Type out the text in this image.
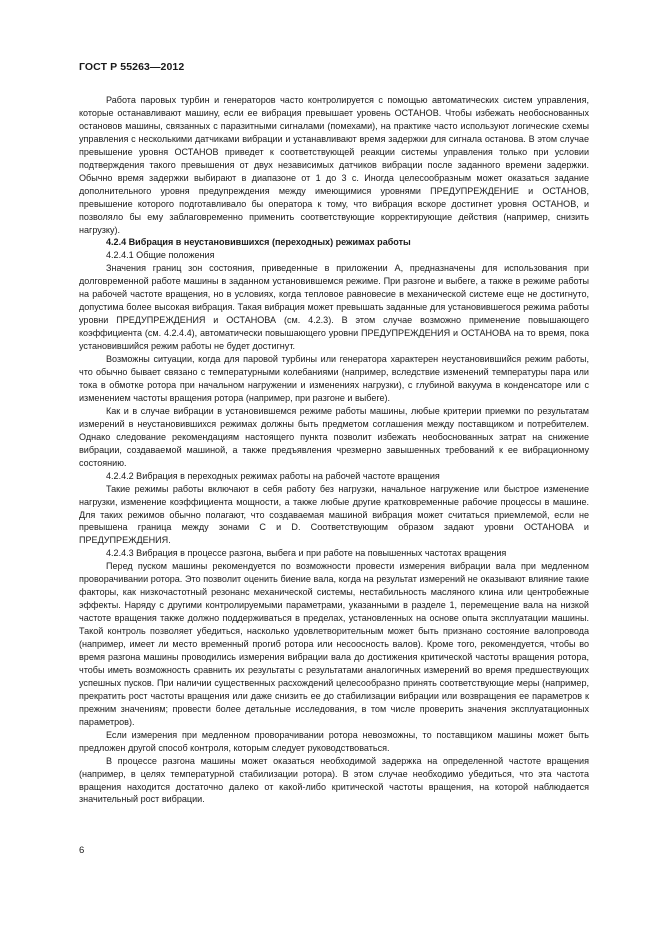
ГОСТ Р 55263—2012

Работа паровых турбин и генераторов часто контролируется с помощью автоматических систем управления, которые останавливают машину, если ее вибрация превышает уровень ОСТАНОВ. Чтобы избежать необоснованных остановов машины, связанных с паразитными сигналами (помехами), на практике часто используют логические схемы управления с несколькими датчиками вибрации и устанавливают время задержки для сигнала останова. В этом случае превышение уровня ОСТАНОВ приведет к соответствующей реакции системы управления только при условии подтверждения такого превышения от двух независимых датчиков вибрации после заданного времени задержки. Обычно время задержки выбирают в диапазоне от 1 до 3 с. Иногда целесообразным может оказаться задание дополнительного уровня предупреждения между имеющимися уровнями ПРЕДУПРЕЖДЕНИЕ и ОСТАНОВ, превышение которого подготавливало бы оператора к тому, что вибрация вскоре достигнет уровня ОСТАНОВ, и позволяло бы ему заблаговременно применить соответствующие корректирующие действия (например, снизить нагрузку).

4.2.4 Вибрация в неустановившихся (переходных) режимах работы

4.2.4.1 Общие положения

Значения границ зон состояния, приведенные в приложении А, предназначены для использования при долговременной работе машины в заданном установившемся режиме. При разгоне и выбеге, а также в режиме работы на рабочей частоте вращения, но в условиях, когда тепловое равновесие в механической системе еще не достигнуто, допустима более высокая вибрация. Такая вибрация может превышать заданные для установившегося режима работы уровни ПРЕДУПРЕЖДЕНИЯ и ОСТАНОВА (см. 4.2.3). В этом случае возможно применение повышающего коэффициента (см. 4.2.4.4), автоматически повышающего уровни ПРЕДУПРЕЖДЕНИЯ и ОСТАНОВА на то время, пока установившийся режим работы не будет достигнут.

Возможны ситуации, когда для паровой турбины или генератора характерен неустановившийся режим работы, что обычно бывает связано с температурными колебаниями (например, вследствие изменений температуры пара или тока в обмотке ротора при начальном нагружении и изменениях нагрузки), с глубиной вакуума в конденсаторе или с изменением частоты вращения ротора (например, при разгоне и выбеге).

Как и в случае вибрации в установившемся режиме работы машины, любые критерии приемки по результатам измерений в неустановившихся режимах должны быть предметом соглашения между поставщиком и потребителем. Однако следование рекомендациям настоящего пункта позволит избежать необоснованных затрат на снижение вибрации, создаваемой машиной, а также предъявления чрезмерно завышенных требований к ее вибрационному состоянию.

4.2.4.2 Вибрация в переходных режимах работы на рабочей частоте вращения

Такие режимы работы включают в себя работу без нагрузки, начальное нагружение или быстрое изменение нагрузки, изменение коэффициента мощности, а также любые другие кратковременные рабочие процессы в машине. Для таких режимов обычно полагают, что создаваемая машиной вибрация может считаться приемлемой, если не превышена граница между зонами С и D. Соответствующим образом задают уровни ОСТАНОВА и ПРЕДУПРЕЖДЕНИЯ.

4.2.4.3 Вибрация в процессе разгона, выбега и при работе на повышенных частотах вращения

Перед пуском машины рекомендуется по возможности провести измерения вибрации вала при медленном проворачивании ротора. Это позволит оценить биение вала, когда на результат измерений не оказывают влияние такие факторы, как низкочастотный резонанс механической системы, нестабильность масляного клина или центробежные эффекты. Наряду с другими контролируемыми параметрами, указанными в разделе 1, перемещение вала на низкой частоте вращения также должно поддерживаться в пределах, установленных на основе опыта эксплуатации машины. Такой контроль позволяет убедиться, насколько удовлетворительным может быть признано состояние валопровода (например, имеет ли место временный прогиб ротора или несоосность валов). Кроме того, рекомендуется, чтобы во время разгона машины проводились измерения вибрации вала до достижения критической частоты вращения ротора, чтобы иметь возможность сравнить их результаты с результатами аналогичных измерений во время предшествующих успешных пусков. При наличии существенных расхождений целесообразно принять соответствующие меры (например, прекратить рост частоты вращения или даже снизить ее до стабилизации вибрации или возвращения ее параметров к прежним значениям; провести более детальные исследования, в том числе проверить значения эксплуатационных параметров).

Если измерения при медленном проворачивании ротора невозможны, то поставщиком машины может быть предложен другой способ контроля, которым следует руководствоваться.

В процессе разгона машины может оказаться необходимой задержка на определенной частоте вращения (например, в целях температурной стабилизации ротора). В этом случае необходимо убедиться, что эта частота вращения находится достаточно далеко от какой-либо критической частоты вращения, на которой наблюдается значительный рост вибрации.

6
